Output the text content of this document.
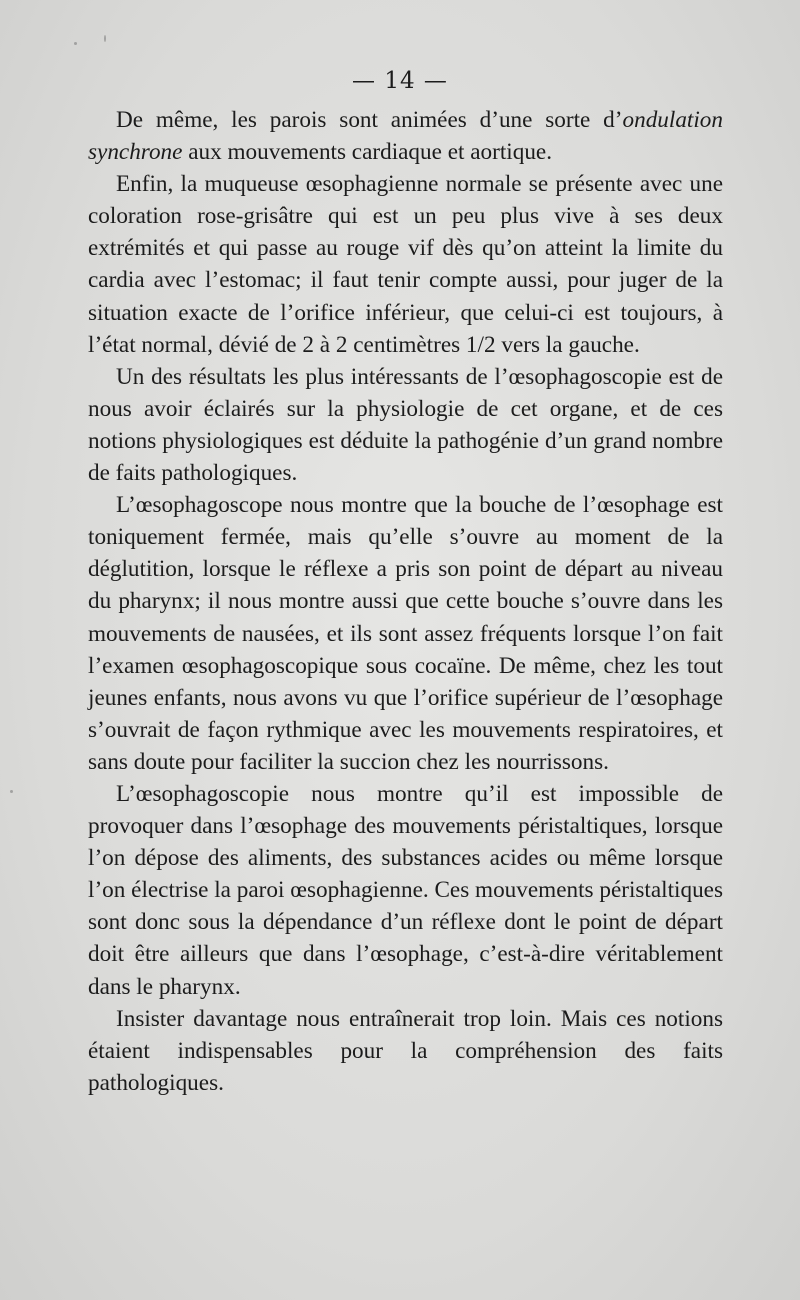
— 14 —

De même, les parois sont animées d’une sorte d’ondulation synchrone aux mouvements cardiaque et aortique.

Enfin, la muqueuse œsophagienne normale se présente avec une coloration rose-grisâtre qui est un peu plus vive à ses deux extrémités et qui passe au rouge vif dès qu’on atteint la limite du cardia avec l’estomac; il faut tenir compte aussi, pour juger de la situation exacte de l’orifice inférieur, que celui-ci est toujours, à l’état normal, dévié de 2 à 2 centimètres 1/2 vers la gauche.

Un des résultats les plus intéressants de l’œsophagoscopie est de nous avoir éclairés sur la physiologie de cet organe, et de ces notions physiologiques est déduite la pathogénie d’un grand nombre de faits pathologiques.

L’œsophagoscope nous montre que la bouche de l’œsophage est toniquement fermée, mais qu’elle s’ouvre au moment de la déglutition, lorsque le réflexe a pris son point de départ au niveau du pharynx; il nous montre aussi que cette bouche s’ouvre dans les mouvements de nausées, et ils sont assez fréquents lorsque l’on fait l’examen œsophagoscopique sous cocaïne. De même, chez les tout jeunes enfants, nous avons vu que l’orifice supérieur de l’œsophage s’ouvrait de façon rythmique avec les mouvements respiratoires, et sans doute pour faciliter la succion chez les nourrissons.

L’œsophagoscopie nous montre qu’il est impossible de provoquer dans l’œsophage des mouvements péristaltiques, lorsque l’on dépose des aliments, des substances acides ou même lorsque l’on électrise la paroi œsophagienne. Ces mouvements péristaltiques sont donc sous la dépendance d’un réflexe dont le point de départ doit être ailleurs que dans l’œsophage, c’est-à-dire véritablement dans le pharynx.

Insister davantage nous entraînerait trop loin. Mais ces notions étaient indispensables pour la compréhension des faits pathologiques.
